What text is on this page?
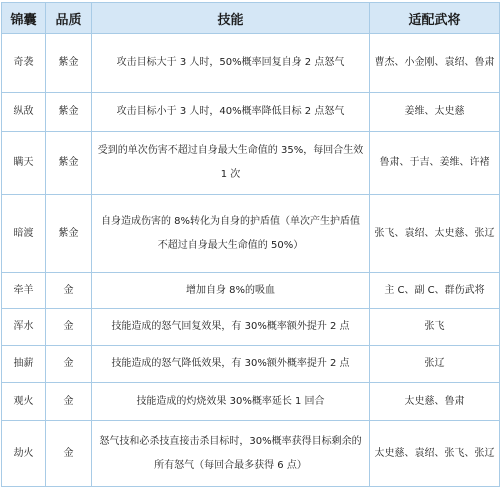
锦囊	品质	技能	适配武将
奇袭	紫金	攻击目标大于 3 人时，50%概率回复自身 2 点怒气	曹杰、小金刚、袁绍、鲁肃
纵敌	紫金	攻击目标小于 3 人时，40%概率降低目标 2 点怒气	姜维、太史慈
瞒天	紫金	受到的单次伤害不超过自身最大生命值的 35%，每回合生效 1 次	鲁肃、于吉、姜维、许褚
暗渡	紫金	自身造成伤害的 8%转化为自身的护盾值（单次产生护盾值不超过自身最大生命值的 50%）	张飞、袁绍、太史慈、张辽
牵羊	金	增加自身 8%的吸血	主 C、副 C、群伤武将
浑水	金	技能造成的怒气回复效果，有 30%概率额外提升 2 点	张飞
抽薪	金	技能造成的怒气降低效果，有 30%额外概率提升 2 点	张辽
观火	金	技能造成的灼烧效果 30%概率延长 1 回合	太史慈、鲁肃
劫火	金	怒气技和必杀技直接击杀目标时，30%概率获得目标剩余的所有怒气（每回合最多获得 6 点）	太史慈、袁绍、张飞、张辽
